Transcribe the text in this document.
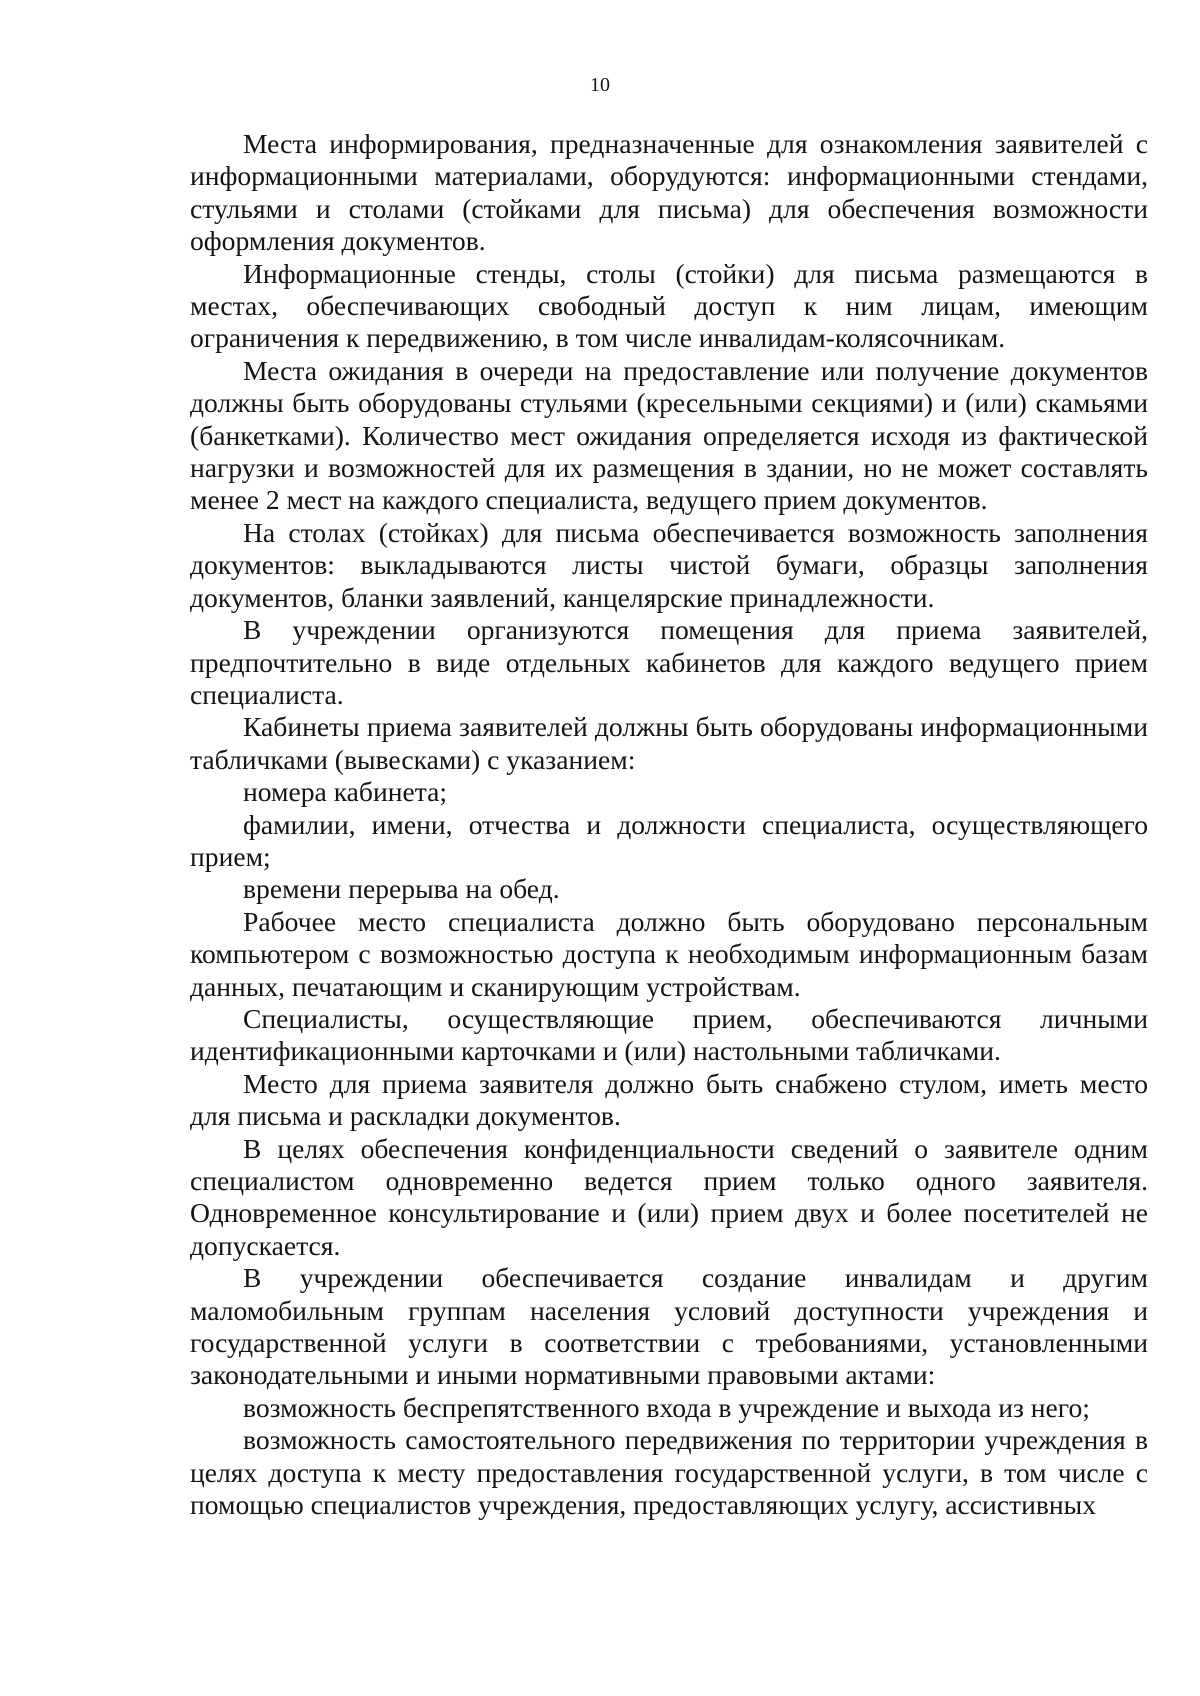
10

Места информирования, предназначенные для ознакомления заявителей с информационными материалами, оборудуются: информационными стендами, стульями и столами (стойками для письма) для обеспечения возможности оформления документов.

Информационные стенды, столы (стойки) для письма размещаются в местах, обеспечивающих свободный доступ к ним лицам, имеющим ограничения к передвижению, в том числе инвалидам-колясочникам.

Места ожидания в очереди на предоставление или получение документов должны быть оборудованы стульями (кресельными секциями) и (или) скамьями (банкетками). Количество мест ожидания определяется исходя из фактической нагрузки и возможностей для их размещения в здании, но не может составлять менее 2 мест на каждого специалиста, ведущего прием документов.

На столах (стойках) для письма обеспечивается возможность заполнения документов: выкладываются листы чистой бумаги, образцы заполнения документов, бланки заявлений, канцелярские принадлежности.

В учреждении организуются помещения для приема заявителей, предпочтительно в виде отдельных кабинетов для каждого ведущего прием специалиста.

Кабинеты приема заявителей должны быть оборудованы информационными табличками (вывесками) с указанием:

номера кабинета;

фамилии, имени, отчества и должности специалиста, осуществляющего прием;

времени перерыва на обед.

Рабочее место специалиста должно быть оборудовано персональным компьютером с возможностью доступа к необходимым информационным базам данных, печатающим и сканирующим устройствам.

Специалисты, осуществляющие прием, обеспечиваются личными идентификационными карточками и (или) настольными табличками.

Место для приема заявителя должно быть снабжено стулом, иметь место для письма и раскладки документов.

В целях обеспечения конфиденциальности сведений о заявителе одним специалистом одновременно ведется прием только одного заявителя. Одновременное консультирование и (или) прием двух и более посетителей не допускается.

В учреждении обеспечивается создание инвалидам и другим маломобильным группам населения условий доступности учреждения и государственной услуги в соответствии с требованиями, установленными законодательными и иными нормативными правовыми актами:

возможность беспрепятственного входа в учреждение и выхода из него;

возможность самостоятельного передвижения по территории учреждения в целях доступа к месту предоставления государственной услуги, в том числе с помощью специалистов учреждения, предоставляющих услугу, ассистивных
